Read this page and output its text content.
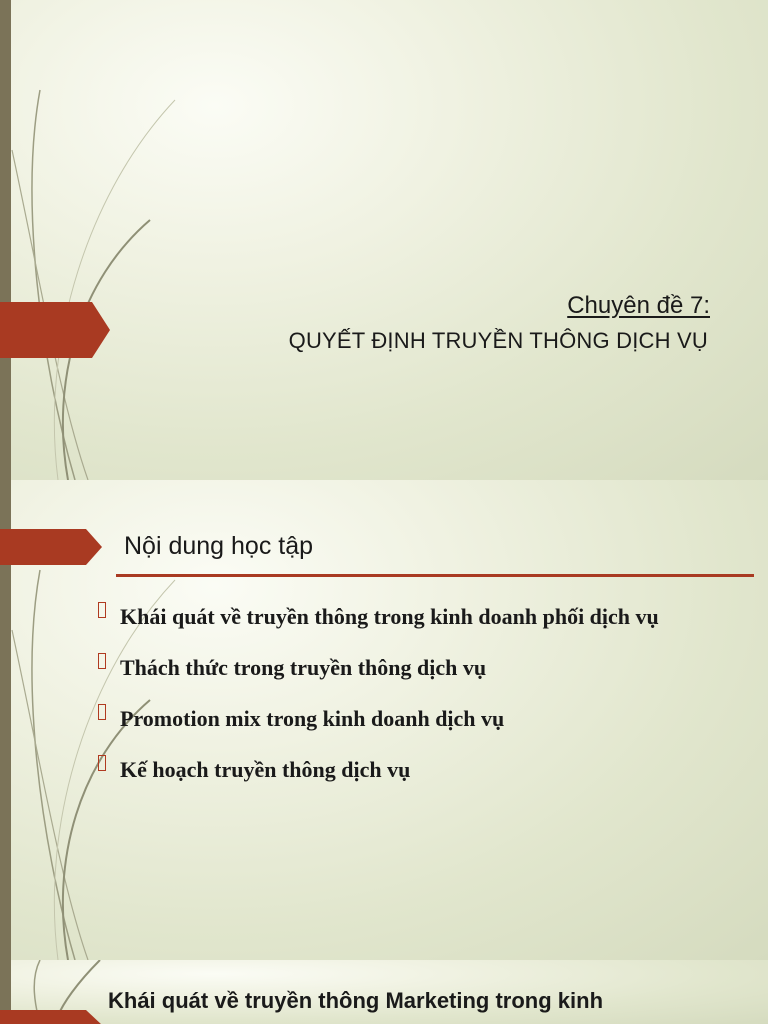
Chuyên đề 7:
QUYẾT ĐỊNH TRUYỀN THÔNG DỊCH VỤ
Nội dung học tập
Khái quát về truyền thông trong kinh doanh phối dịch vụ
Thách thức trong truyền thông dịch vụ
Promotion mix trong kinh doanh dịch vụ
Kế hoạch truyền thông dịch vụ
Khái quát về truyền thông Marketing trong kinh
